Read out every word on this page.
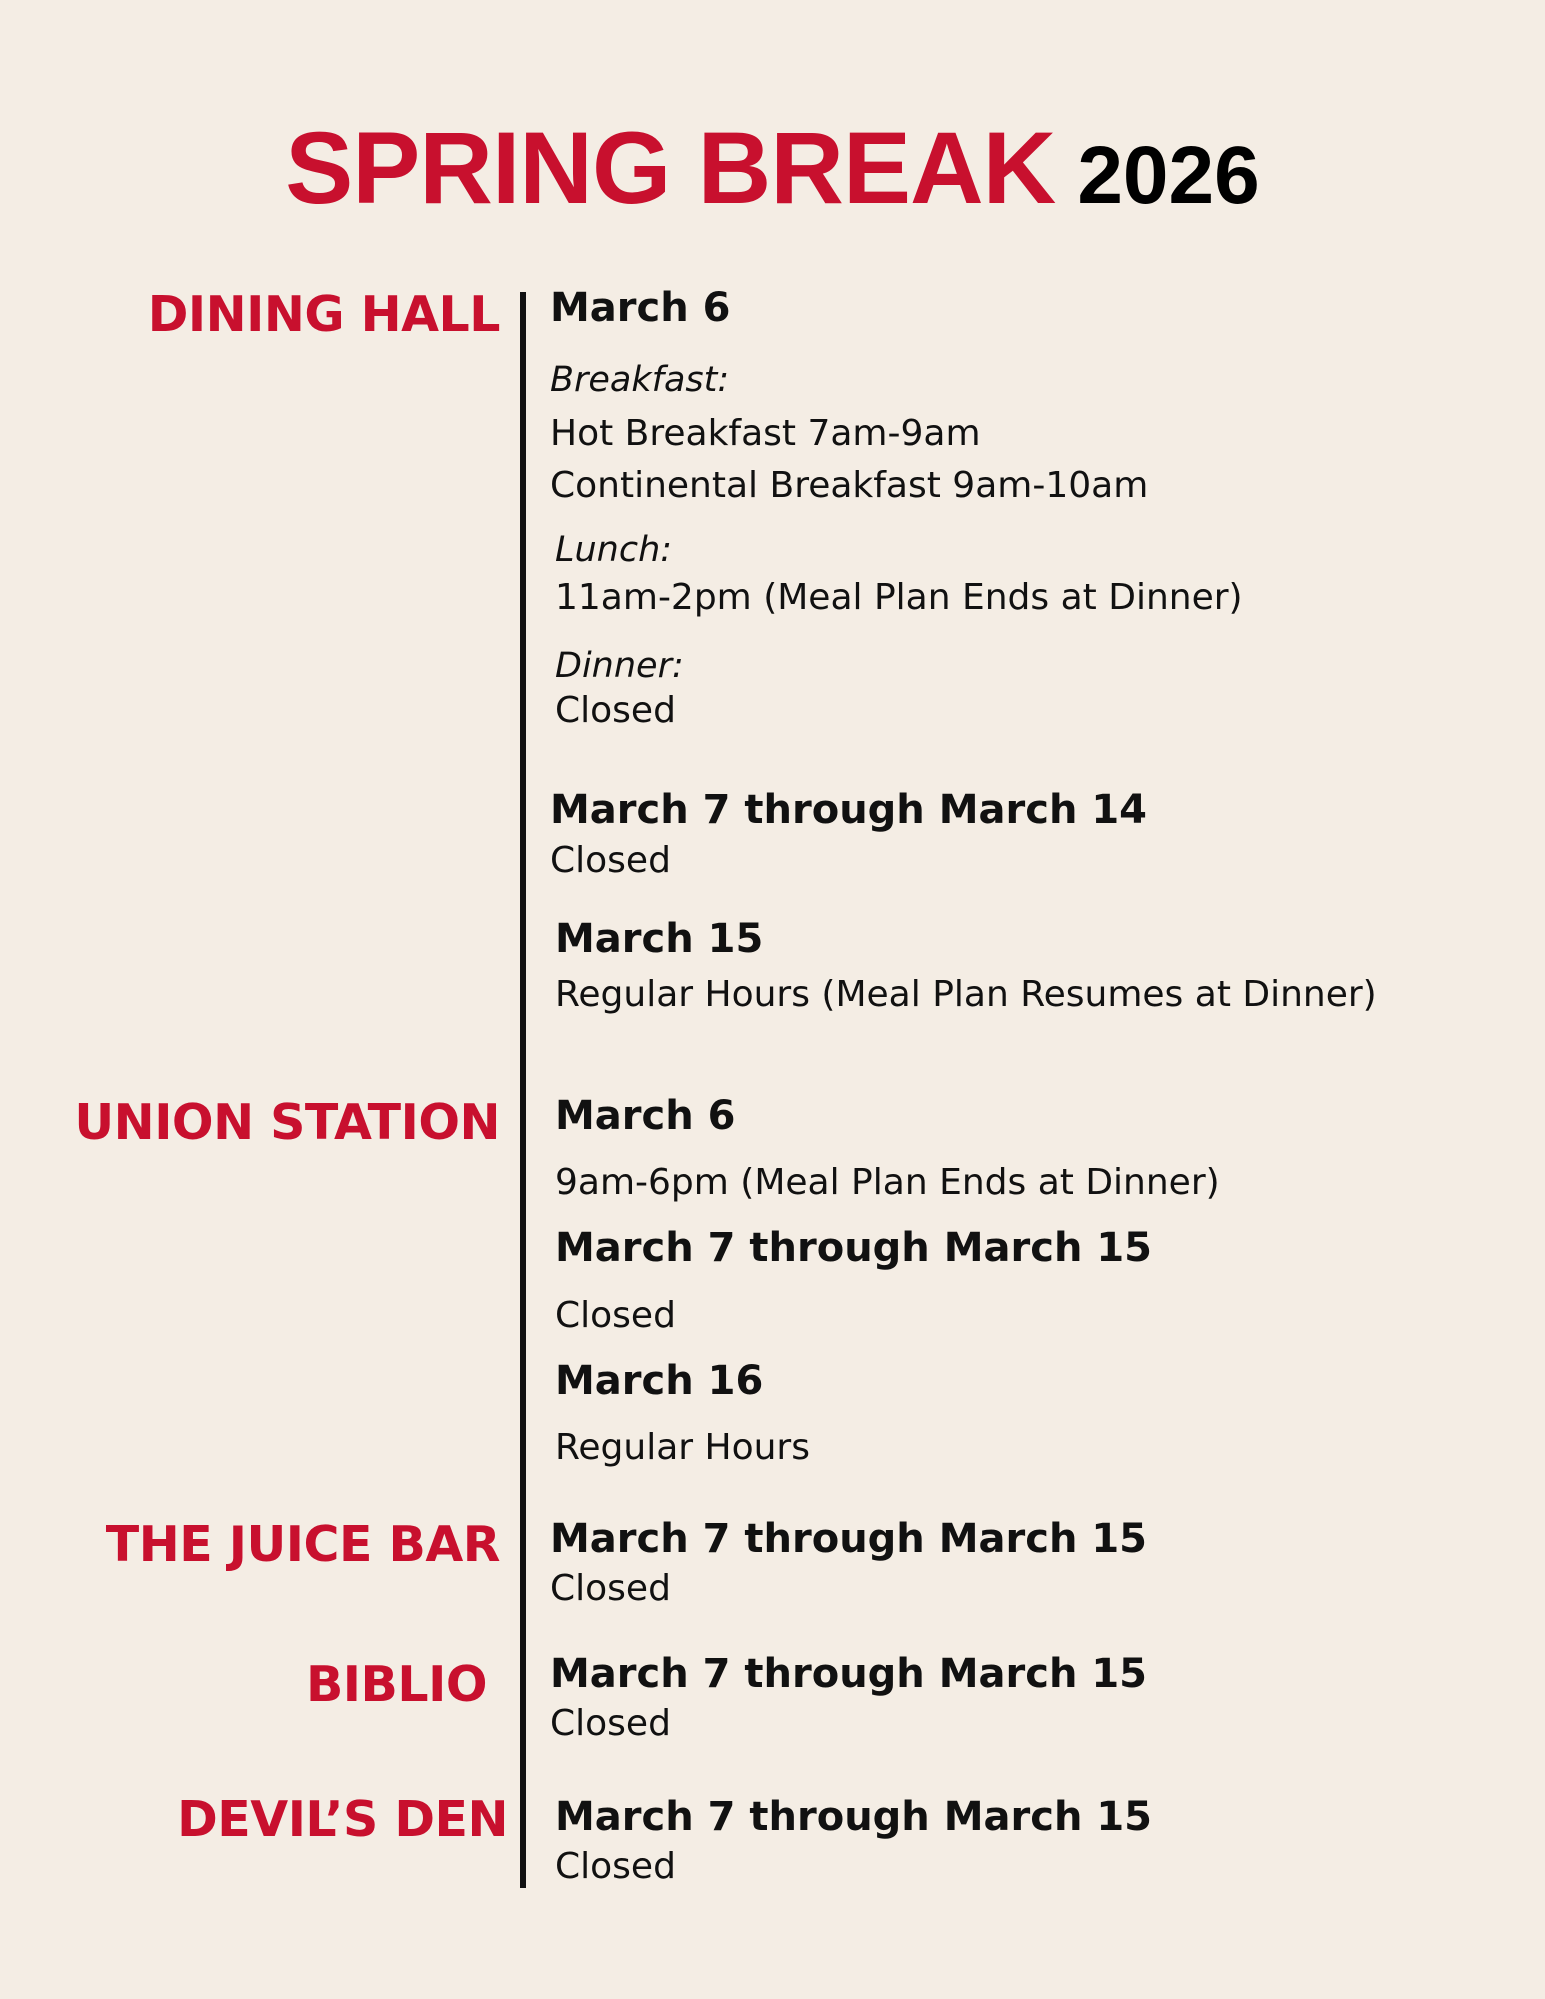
SPRING BREAK 2026
DINING HALL March 6
Breakfast:
Hot Breakfast 7am-9am
Continental Breakfast 9am-10am
Lunch:
11am-2pm (Meal Plan Ends at Dinner)
Dinner:
Closed
March 7 through March 14
Closed
March 15
Regular Hours (Meal Plan Resumes at Dinner)
UNION STATION March 6
9am-6pm (Meal Plan Ends at Dinner)
March 7 through March 15
Closed
March 16
Regular Hours
THE JUICE BAR March 7 through March 15
Closed
BIBLIO March 7 through March 15
Closed
DEVIL’S DEN March 7 through March 15
Closed
